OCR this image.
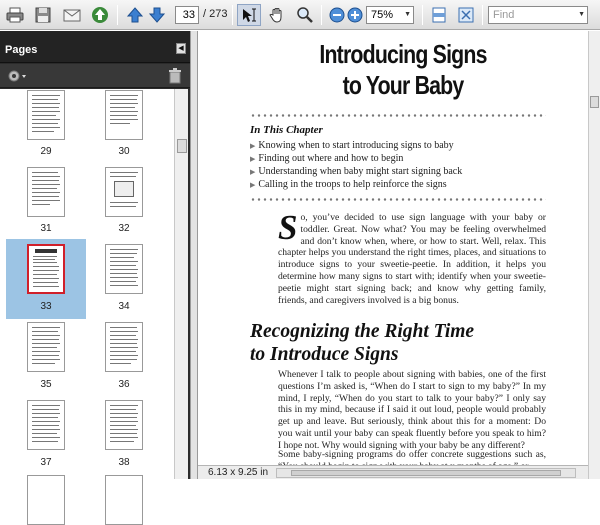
33 / 273	75% ▼	Find	▼
Pages	◀
29	30
31	32
33	34
35	36
37	38
Introducing Signs
to Your Baby
In This Chapter
▶ Knowing when to start introducing signs to baby
▶ Finding out where and how to begin
▶ Understanding when baby might start signing back
▶ Calling in the troops to help reinforce the signs
So, you’ve decided to use sign language with your baby or toddler. Great. Now what? You may be feeling overwhelmed and don’t know when, where, or how to start. Well, relax. This chapter helps you understand the right times, places, and situations to introduce signs to your sweetie-peetie. In addition, it helps you determine how many signs to start with; identify when your sweetie-peetie might start signing back; and know why getting family, friends, and caregivers involved is a big bonus.
Recognizing the Right Time
to Introduce Signs
Whenever I talk to people about signing with babies, one of the first questions I’m asked is, “When do I start to sign to my baby?” In my mind, I reply, “When do you start to talk to your baby?” I only say this in my mind, because if I said it out loud, people would probably get up and leave. But seriously, think about this for a moment: Do you wait until your baby can speak fluently before you speak to him? I hope not. Why would signing with your baby be any different?
Some baby-signing programs do offer concrete suggestions such as,
6.13 x 9.25 in
